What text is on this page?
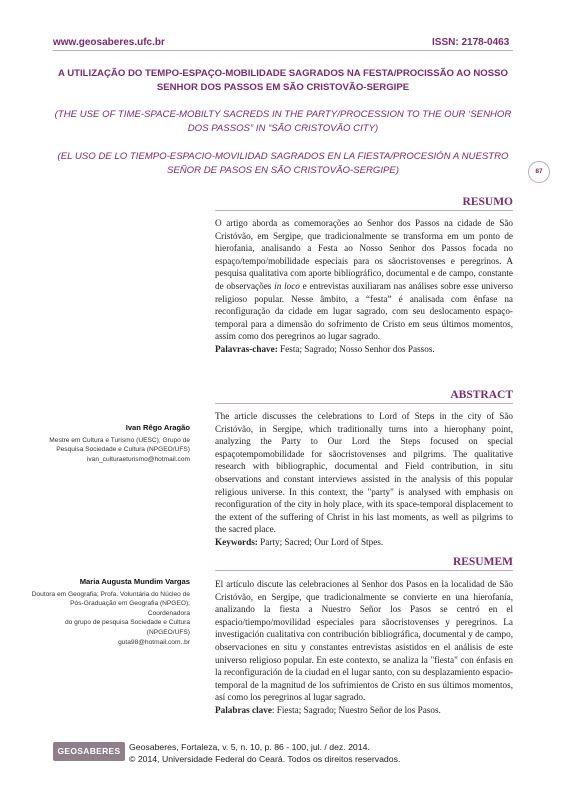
www.geosaberes.ufc.br	ISSN: 2178-0463
A UTILIZAÇÃO DO TEMPO-ESPAÇO-MOBILIDADE SAGRADOS NA FESTA/PROCISSÃO AO NOSSO SENHOR DOS PASSOS EM SÃO CRISTOVÃO-SERGIPE
(THE USE OF TIME-SPACE-MOBILTY SACREDS IN THE PARTY/PROCESSION TO THE OUR ‘SENHOR DOS PASSOS” IN “SÃO CRISTOVÃO CITY)
(EL USO DE LO TIEMPO-ESPACIO-MOVILIDAD SAGRADOS EN LA FIESTA/PROCESIÓN A NUESTRO SEÑOR DE PASOS EN SÃO CRISTOVÃO-SERGIPE)	87
RESUMO

O artigo aborda as comemorações ao Senhor dos Passos na cidade de São Cristóvão, em Sergipe, que tradicionalmente se transforma em um ponto de hierofania, analisando a Festa ao Nosso Senhor dos Passos focada no espaço/tempo/mobilidade especiais para os sãocristovenses e peregrinos. A pesquisa qualitativa com aporte bibliográfico, documental e de campo, constante de observações in loco e entrevistas auxiliaram nas análises sobre esse universo religioso popular. Nesse âmbito, a “festa” é analisada com ênfase na reconfiguração da cidade em lugar sagrado, com seu deslocamento espaço-temporal para a dimensão do sofrimento de Cristo em seus últimos momentos, assim como dos peregrinos ao lugar sagrado.

Palavras-chave: Festa; Sagrado; Nosso Senhor dos Passos.

ABSTRACT

The article discusses the celebrations to Lord of Steps in the city of São Cristóvão, in Sergipe, which traditionally turns into a hierophany point, analyzing the Party to Our Lord the Steps focused on special espaçotempomobilidade for sãocristovenses and pilgrims. The qualitative research with bibliographic, documental and Field contribution, in situ observations and constant interviews assisted in the analysis of this popular religious universe. In this context, the "party" is analysed with emphasis on reconfiguration of the city in holy place, with its space-temporal displacement to the extent of the suffering of Christ in his last moments, as well as pilgrims to the sacred place.

Keywords: Party; Sacred; Our Lord of Stpes.

RESUMEM

El artículo discute las celebraciones al Senhor dos Pasos en la localidad de São Cristóvão, en Sergipe, que tradicionalmente se convierte en una hierofanía, analizando la fiesta a Nuestro Señor los Pasos se centró en el espacio/tiempo/movilidad especiales para sãocristovenses y peregrinos. La investigación cualitativa con contribución bibliográfica, documental y de campo, observaciones en situ y constantes entrevistas asistidos en el análisis de este universo religioso popular. En este contexto, se analiza la "fiesta" con énfasis en la reconfiguración de la ciudad en el lugar santo, con su desplazamiento espacio-temporal de la magnitud de los sufrimientos de Cristo en sus últimos momentos, así como los peregrinos al lugar sagrado.

Palabras clave: Fiesta; Sagrado; Nuestro Señor de los Pasos.

Ivan Rêgo Aragão
Mestre em Cultura e Turismo (UESC); Grupo de
Pesquisa Sociedade e Cultura (NPGEO/UFS)
ivan_culturaeturismo@hotmail.com
Maria Augusta Mundim Vargas
Doutora em Geografia; Profa. Voluntária do Núcleo de
Pós-Graduação em Geografia (NPGEO); Coordenadora
do grupo de pesquisa Sociedade e Cultura
(NPGEO/UFS)
guta98@hotmail.com..br
GEOSABERES Geosaberes, Fortaleza, v. 5, n. 10, p. 86 - 100, jul. / dez. 2014.
© 2014, Universidade Federal do Ceará. Todos os direitos reservados.
